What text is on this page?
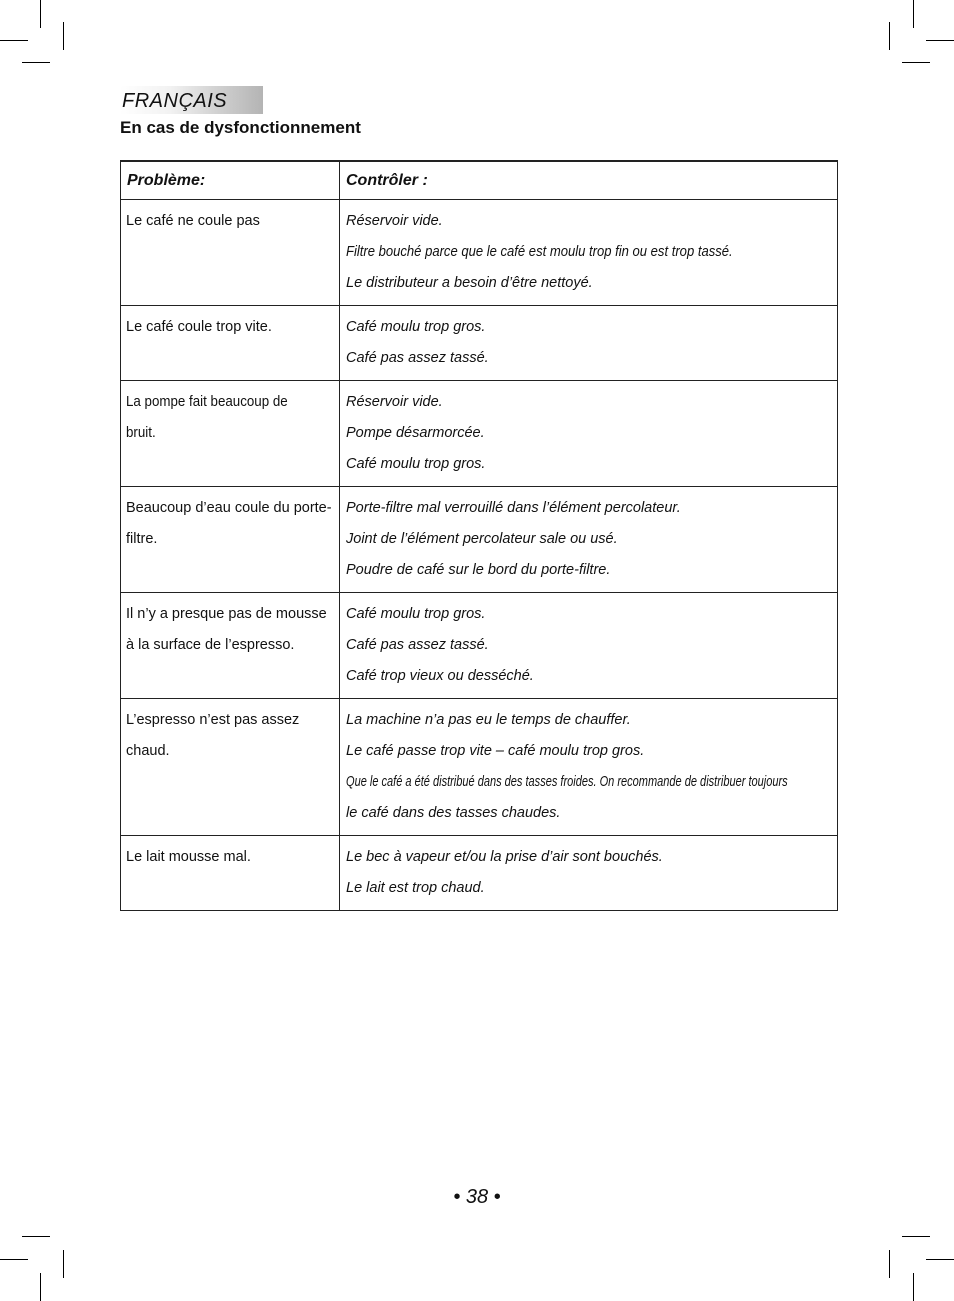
FRANÇAIS
En cas de dysfonctionnement
Problème:	Contrôler :
Le café ne coule pas	Réservoir vide.
Filtre bouché parce que le café est moulu trop fin ou est trop tassé.
Le distributeur a besoin d’être nettoyé.

Le café coule trop vite.	Café moulu trop gros.
Café pas assez tassé.

La pompe fait beaucoup de bruit.	Réservoir vide.
Pompe désarmorcée.
Café moulu trop gros.

Beaucoup d’eau coule du porte-filtre.	Porte-filtre mal verrouillé dans l’élément percolateur.
Joint de l’élément percolateur sale ou usé.
Poudre de café sur le bord du porte-filtre.

Il n’y a presque pas de mousse à la surface de l’espresso.	Café moulu trop gros.
Café pas assez tassé.
Café trop vieux ou desséché.

L’espresso n’est pas assez chaud.	La machine n’a pas eu le temps de chauffer.
Le café passe trop vite – café moulu trop gros.
Que le café a été distribué dans des tasses froides. On recommande de distribuer toujours
le café dans des tasses chaudes.

Le lait mousse mal.	Le bec à vapeur et/ou la prise d’air sont bouchés.
Le lait est trop chaud.
• 38 •
